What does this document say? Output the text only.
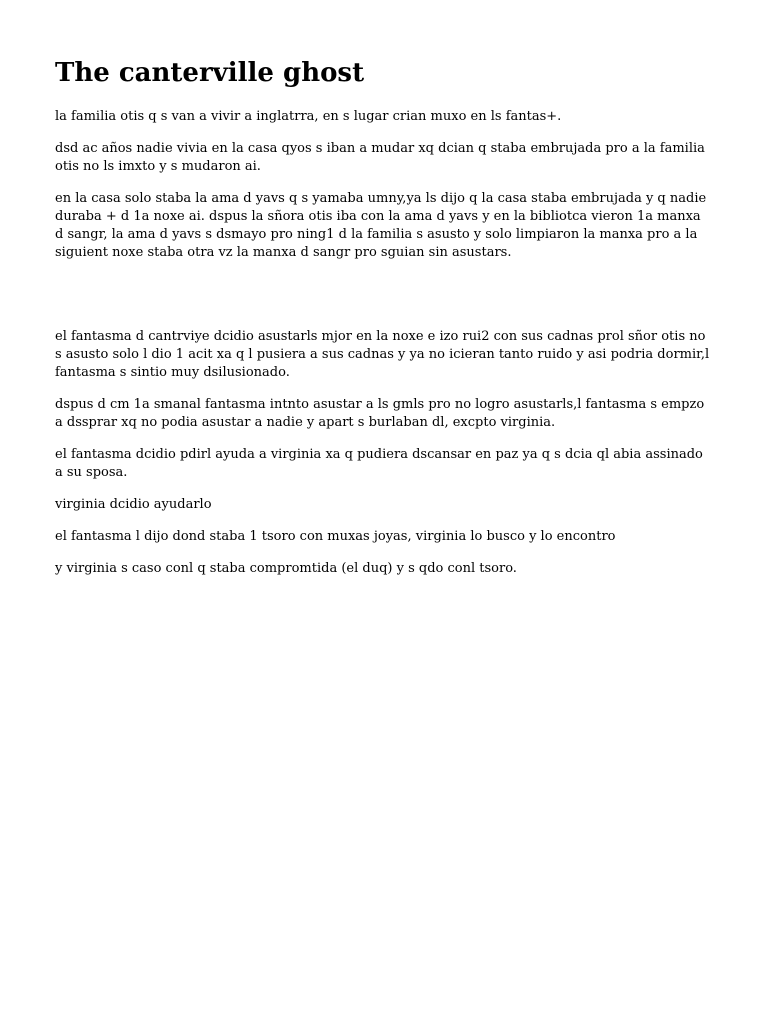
The canterville ghost

la familia otis q s van a vivir a inglatrra, en s lugar crian muxo en ls fantas+.

dsd ac años nadie vivia en la casa qyos s iban a mudar xq dcian q staba embrujada pro a la familia otis no ls imxto y s mudaron ai.

en la casa solo staba la ama d yavs q s yamaba umny,ya ls dijo q la casa staba embrujada y q nadie duraba + d 1a noxe ai. dspus la sñora otis iba con la ama d yavs y en la bibliotca vieron 1a manxa d sangr, la ama d yavs s dsmayo pro ning1 d la familia s asusto y solo limpiaron la manxa pro a la siguient noxe staba otra vz la manxa d sangr pro sguian sin asustars.

el fantasma d cantrviye dcidio asustarls mjor en la noxe e izo rui2 con sus cadnas prol sñor otis no s asusto solo l dio 1 acit xa q l pusiera a sus cadnas y ya no icieran tanto ruido y asi podria dormir,l fantasma s sintio muy dsilusionado.

dspus d cm 1a smanal fantasma intnto asustar a ls gmls pro no logro asustarls,l fantasma s empzo a dssprar xq no podia asustar a nadie y apart s burlaban dl, excpto virginia.

el fantasma dcidio pdirl ayuda a virginia xa q pudiera dscansar en paz ya q s dcia ql abia assinado a su sposa.

virginia dcidio ayudarlo

el fantasma l dijo dond staba 1 tsoro con muxas joyas, virginia lo busco y lo encontro

y virginia s caso conl q staba compromtida (el duq) y s qdo conl tsoro.
